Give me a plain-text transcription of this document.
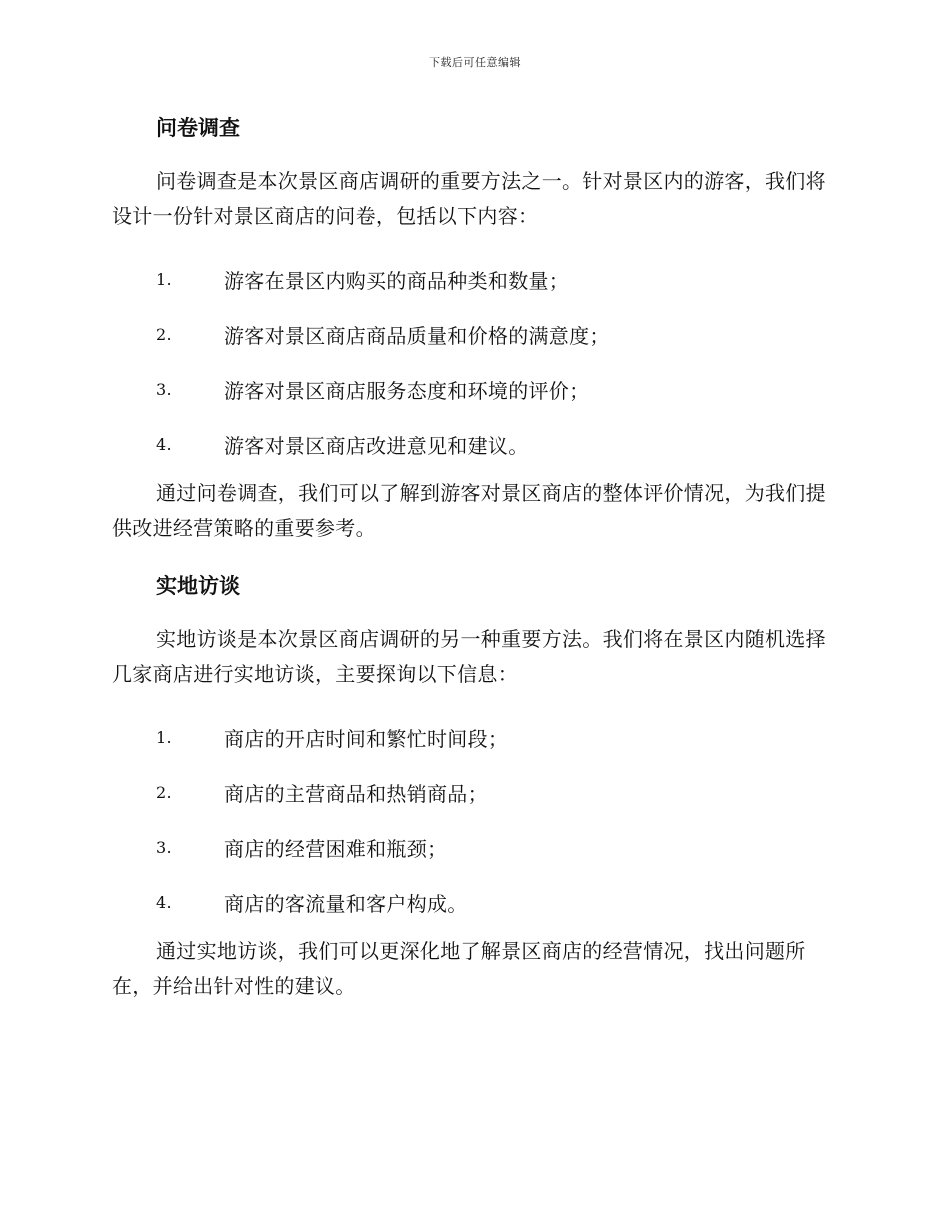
下载后可任意编辑
问卷调查

问卷调查是本次景区商店调研的重要方法之一。针对景区内的游客，我们将设计一份针对景区商店的问卷，包括以下内容：

1.	游客在景区内购买的商品种类和数量；
2.	游客对景区商店商品质量和价格的满意度；
3.	游客对景区商店服务态度和环境的评价；
4.	游客对景区商店改进意见和建议。

通过问卷调查，我们可以了解到游客对景区商店的整体评价情况，为我们提供改进经营策略的重要参考。

实地访谈

实地访谈是本次景区商店调研的另一种重要方法。我们将在景区内随机选择几家商店进行实地访谈，主要探询以下信息：

1.	商店的开店时间和繁忙时间段；
2.	商店的主营商品和热销商品；
3.	商店的经营困难和瓶颈；
4.	商店的客流量和客户构成。

通过实地访谈，我们可以更深化地了解景区商店的经营情况，找出问题所在，并给出针对性的建议。
